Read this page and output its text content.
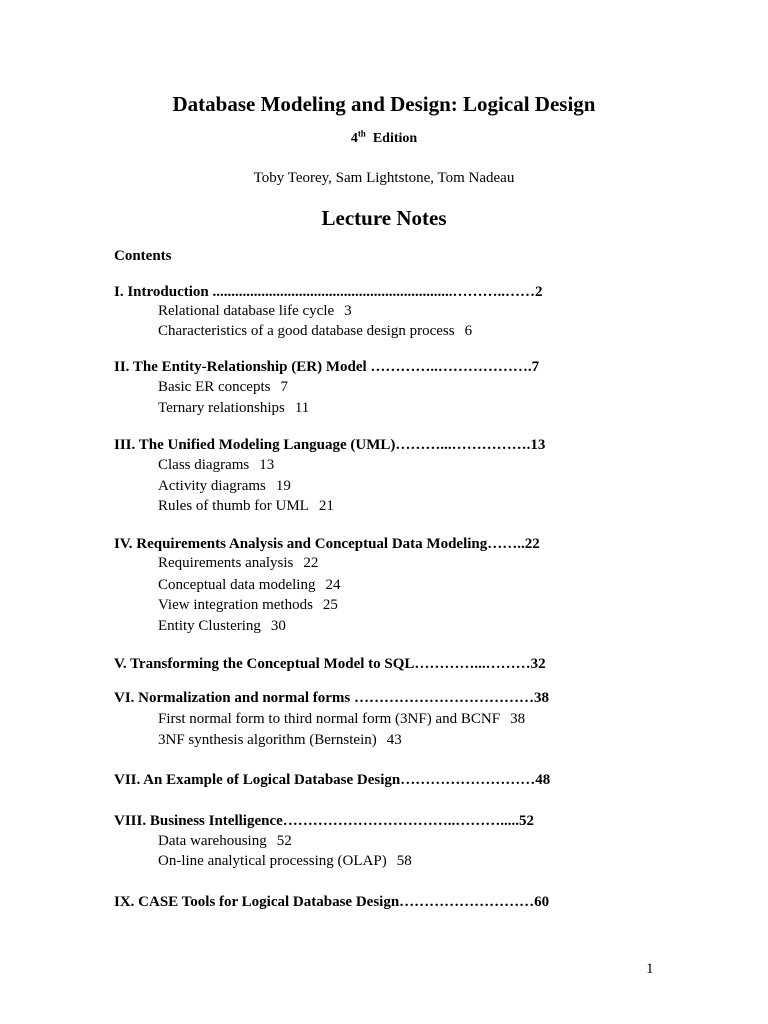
Database Modeling and Design: Logical Design
4th Edition
Toby Teorey, Sam Lightstone, Tom Nadeau
Lecture Notes
Contents
I. Introduction ................................................................………..……2
Relational database life cycle 3
Characteristics of a good database design process 6
II. The Entity-Relationship (ER) Model …………..……………….7
Basic ER concepts 7
Ternary relationships 11
III. The Unified Modeling Language (UML)………...…………….13
Class diagrams 13
Activity diagrams 19
Rules of thumb for UML 21
IV. Requirements Analysis and Conceptual Data Modeling……..22
Requirements analysis 22
Conceptual data modeling 24
View integration methods 25
Entity Clustering 30
V. Transforming the Conceptual Model to SQL…………...………32
VI. Normalization and normal forms ………………………………38
First normal form to third normal form (3NF) and BCNF 38
3NF synthesis algorithm (Bernstein) 43
VII. An Example of Logical Database Design………………………48
VIII. Business Intelligence……………………………..……….....52
Data warehousing 52
On-line analytical processing (OLAP) 58
IX. CASE Tools for Logical Database Design………………………60
1
